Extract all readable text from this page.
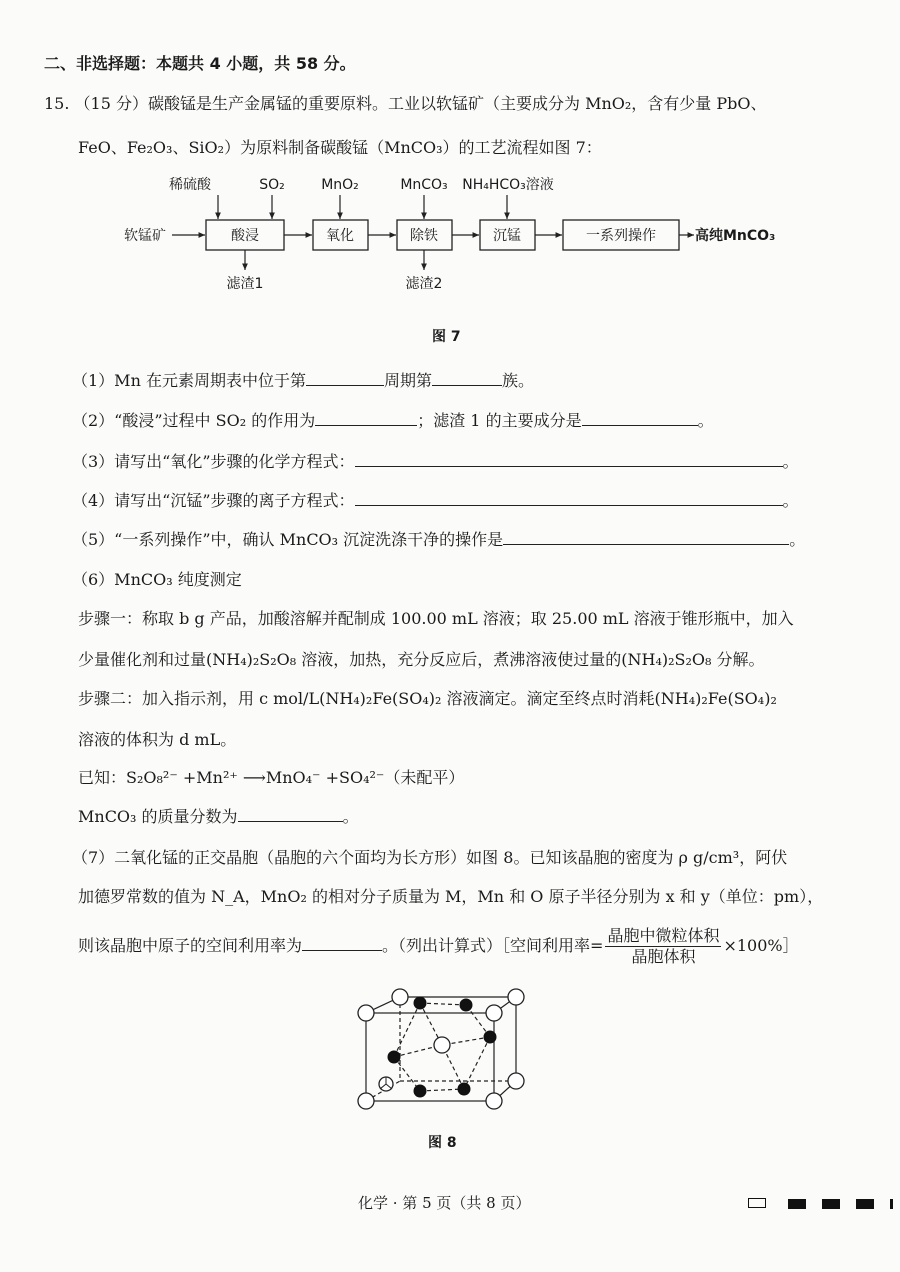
二、非选择题：本题共 4 小题，共 58 分。
15. （15 分）碳酸锰是生产金属锰的重要原料。工业以软锰矿（主要成分为 MnO₂，含有少量 PbO、
FeO、Fe₂O₃、SiO₂）为原料制备碳酸锰（MnCO₃）的工艺流程如图 7：
稀硫酸	SO₂	MnO₂	MnCO₃ NH₄HCO₃溶液
软锰矿	酸浸	氧化	除铁	沉锰	一系列操作	高纯MnCO₃
滤渣1	滤渣2
图 7
（1）Mn 在元素周期表中位于第	周期第	族。
（2）“酸浸”过程中 SO₂ 的作用为	；滤渣 1 的主要成分是	。
（3）请写出“氧化”步骤的化学方程式：	。
（4）请写出“沉锰”步骤的离子方程式：	。
（5）“一系列操作”中，确认 MnCO₃ 沉淀洗涤干净的操作是	。
（6）MnCO₃ 纯度测定
步骤一：称取 b g 产品，加酸溶解并配制成 100.00 mL 溶液；取 25.00 mL 溶液于锥形瓶中，加入
少量催化剂和过量(NH₄)₂S₂O₈ 溶液，加热，充分反应后，煮沸溶液使过量的(NH₄)₂S₂O₈ 分解。
步骤二：加入指示剂，用 c mol/L(NH₄)₂Fe(SO₄)₂ 溶液滴定。滴定至终点时消耗(NH₄)₂Fe(SO₄)₂
溶液的体积为 d mL。
已知：S₂O₈²⁻ +Mn²⁺ ⟶MnO₄⁻ +SO₄²⁻（未配平）
MnCO₃ 的质量分数为	。
（7）二氧化锰的正交晶胞（晶胞的六个面均为长方形）如图 8。已知该晶胞的密度为 ρ g/cm³，阿伏
加德罗常数的值为 N_A，MnO₂ 的相对分子质量为 M，Mn 和 O 原子半径分别为 x 和 y（单位：pm），
则该晶胞中原子的空间利用率为	。（列出计算式）［空间利用率= $\frac{\text{晶胞中微粒体积}}{\text{晶胞体积}}$ ×100%］
图 8
化学 · 第 5 页（共 8 页）
